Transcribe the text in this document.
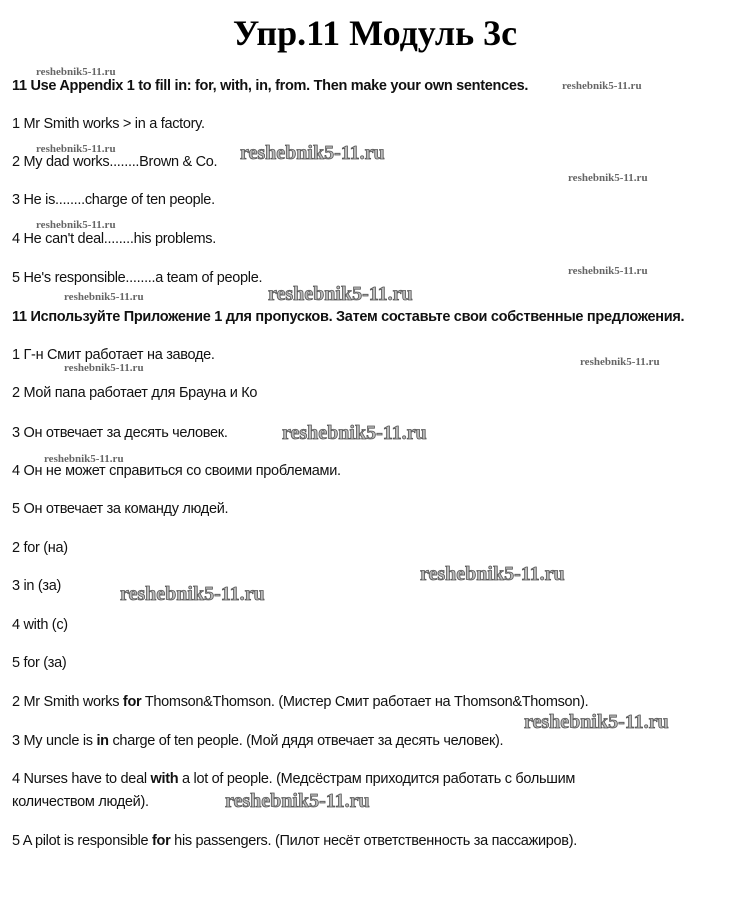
Упр.11 Модуль 3с
11 Use Appendix 1 to fill in: for, with, in, from. Then make your own sentences.
1 Mr Smith works > in a factory.
2 My dad works........Brown & Co.
3 He is........charge of ten people.
4 He can't deal........his problems.
5 He's responsible........a team of people.
11 Используйте Приложение 1 для пропусков. Затем составьте свои собственные предложения.
1 Г-н Смит работает на заводе.
2 Мой папа работает для Брауна и Ко
3 Он отвечает за десять человек.
4 Он не может справиться со своими проблемами.
5 Он отвечает за команду людей.
2 for (на)
3 in (за)
4 with (с)
5 for (за)
2 Mr Smith works for Thomson&Thomson. (Мистер Смит работает на Thomson&Thomson).
3 My uncle is in charge of ten people. (Мой дядя отвечает за десять человек).
4 Nurses have to deal with a lot of people. (Медсёстрам приходится работать с большим
количеством людей).
5 A pilot is responsible for his passengers. (Пилот несёт ответственность за пассажиров).
reshebnik5-11.ru
reshebnik5-11.ru
reshebnik5-11.ru	reshebnik5-11.ru
reshebnik5-11.ru
reshebnik5-11.ru
reshebnik5-11.ru
reshebnik5-11.ru	reshebnik5-11.ru
reshebnik5-11.ru
reshebnik5-11.ru
reshebnik5-11.ru
reshebnik5-11.ru
reshebnik5-11.ru
reshebnik5-11.ru
reshebnik5-11.ru
reshebnik5-11.ru
